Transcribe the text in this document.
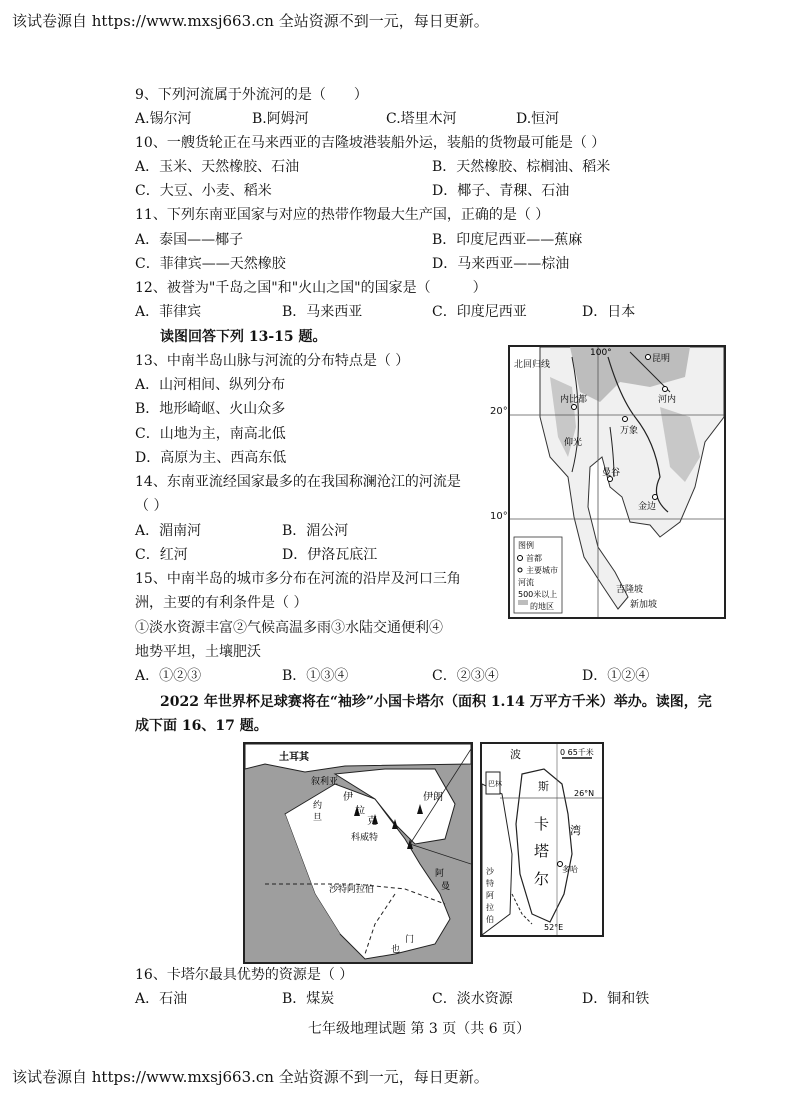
该试卷源自 https://www.mxsj663.cn 全站资源不到一元，每日更新。
9、下列河流属于外流河的是（　　）
A.锡尔河	B.阿姆河	C.塔里木河	D.恒河
10、一艘货轮正在马来西亚的吉隆坡港装船外运，装船的货物最可能是（ ）
A．玉米、天然橡胶、石油	B．天然橡胶、棕榈油、稻米
C．大豆、小麦、稻米	D．椰子、青稞、石油
11、下列东南亚国家与对应的热带作物最大生产国，正确的是（ ）
A．泰国——椰子	B．印度尼西亚——蕉麻
C．菲律宾——天然橡胶	D．马来西亚——棕油
12、被誉为"千岛之国"和"火山之国"的国家是（　　　）
A．菲律宾	B．马来西亚	C．印度尼西亚	D．日本
读图回答下列 13-15 题。
13、中南半岛山脉与河流的分布特点是（ ）
A．山河相间、纵列分布
B．地形崎岖、火山众多
C．山地为主，南高北低
D．高原为主、西高东低
14、东南亚流经国家最多的在我国称澜沧江的河流是
（ ）
A．湄南河	B．湄公河
C．红河	D．伊洛瓦底江
15、中南半岛的城市多分布在河流的沿岸及河口三角
洲，主要的有利条件是（ ）
①淡水资源丰富②气候高温多雨③水陆交通便利④
地势平坦，土壤肥沃
A．①②③	B．①③④	C．②③④	D．①②④
100°
昆明
北回归线
河内
内比都
万象
仰光
曼谷
金边
吉隆坡
新加坡
图例
首都
主要城市
河流
500米以上
的地区
20°
10°
2022 年世界杯足球赛将在“袖珍”小国卡塔尔（面积 1.14 万平方千米）举办。读图，完
成下面 16、17 题。
土耳其
叙利亚
伊
拉
克
伊朗
约
旦
科威特
沙特阿拉伯
阿
曼
门
也
波
斯
湾
0 65千米
26°N
52°E
卡
塔
尔
多哈
巴林
沙
特
阿
拉
伯
16、卡塔尔最具优势的资源是（ ）
A．石油	B．煤炭	C．淡水资源	D．铜和铁
七年级地理试题 第 3 页（共 6 页）
该试卷源自 https://www.mxsj663.cn 全站资源不到一元，每日更新。
